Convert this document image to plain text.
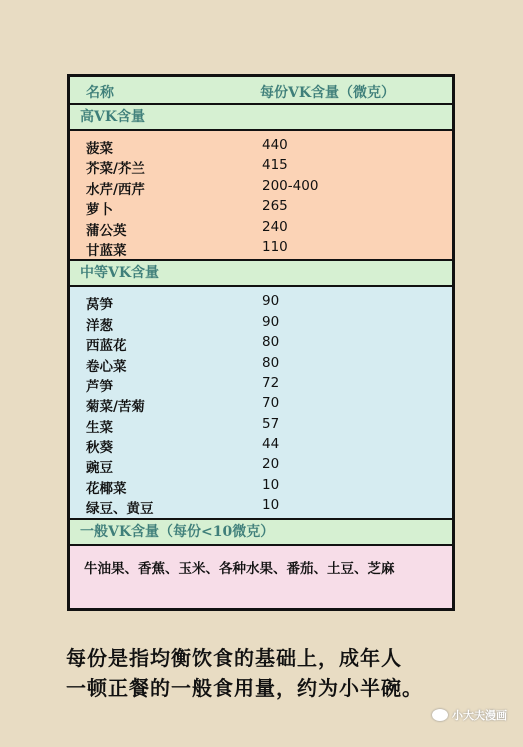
名称	每份VK含量（微克）
高VK含量
菠菜	440
芥菜/芥兰	415
水芹/西芹	200-400
萝卜	265
蒲公英	240
甘蓝菜	110
中等VK含量
莴笋	90
洋葱	90
西蓝花	80
卷心菜	80
芦笋	72
菊菜/苦菊	70
生菜	57
秋葵	44
豌豆	20
花椰菜	10
绿豆、黄豆	10
一般VK含量（每份<10微克）
牛油果、香蕉、玉米、各种水果、番茄、土豆、芝麻
每份是指均衡饮食的基础上，成年人
一顿正餐的一般食用量，约为小半碗。
小大夫漫画
